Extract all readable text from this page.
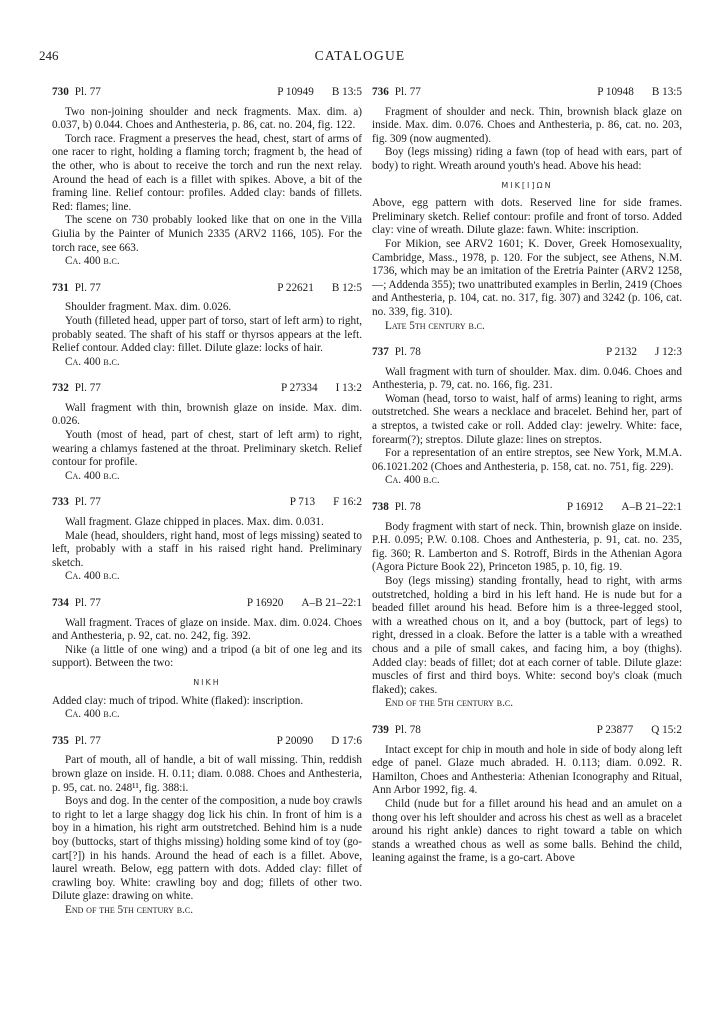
246	CATALOGUE
730 Pl. 77	P 10949 B 13:5

Two non-joining shoulder and neck fragments. Max. dim. a) 0.037, b) 0.044. Choes and Anthesteria, p. 86, cat. no. 204, fig. 122.

Torch race. Fragment a preserves the head, chest, start of arms of one racer to right, holding a flaming torch; fragment b, the head of the other, who is about to receive the torch and run the next relay. Around the head of each is a fillet with spikes. Above, a bit of the framing line. Relief contour: profiles. Added clay: bands of fillets. Red: flames; line.

The scene on 730 probably looked like that on one in the Villa Giulia by the Painter of Munich 2335 (ARV2 1166, 105). For the torch race, see 663.

Ca. 400 b.c.

731 Pl. 77	P 22621 B 12:5

Shoulder fragment. Max. dim. 0.026.

Youth (filleted head, upper part of torso, start of left arm) to right, probably seated. The shaft of his staff or thyrsos appears at the left. Relief contour. Added clay: fillet. Dilute glaze: locks of hair.

Ca. 400 b.c.

732 Pl. 77	P 27334 I 13:2

Wall fragment with thin, brownish glaze on inside. Max. dim. 0.026.

Youth (most of head, part of chest, start of left arm) to right, wearing a chlamys fastened at the throat. Preliminary sketch. Relief contour for profile.

Ca. 400 b.c.

733 Pl. 77	P 713 F 16:2

Wall fragment. Glaze chipped in places. Max. dim. 0.031.

Male (head, shoulders, right hand, most of legs missing) seated to left, probably with a staff in his raised right hand. Preliminary sketch.

Ca. 400 b.c.

734 Pl. 77	P 16920 A–B 21–22:1

Wall fragment. Traces of glaze on inside. Max. dim. 0.024. Choes and Anthesteria, p. 92, cat. no. 242, fig. 392.

Nike (a little of one wing) and a tripod (a bit of one leg and its support). Between the two:

ΝΙΚΗ

Added clay: much of tripod. White (flaked): inscription.

Ca. 400 b.c.

735 Pl. 77	P 20090 D 17:6

Part of mouth, all of handle, a bit of wall missing. Thin, reddish brown glaze on inside. H. 0.11; diam. 0.088. Choes and Anthesteria, p. 95, cat. no. 248¹¹, fig. 388:i.

Boys and dog. In the center of the composition, a nude boy crawls to right to let a large shaggy dog lick his chin. In front of him is a boy in a himation, his right arm outstretched. Behind him is a nude boy (buttocks, start of thighs missing) holding some kind of toy (go-cart[?]) in his hands. Around the head of each is a fillet. Above, laurel wreath. Below, egg pattern with dots. Added clay: fillet of crawling boy. White: crawling boy and dog; fillets of other two. Dilute glaze: drawing on white.

End of the 5th century b.c.

736 Pl. 77	P 10948 B 13:5

Fragment of shoulder and neck. Thin, brownish black glaze on inside. Max. dim. 0.076. Choes and Anthesteria, p. 86, cat. no. 203, fig. 309 (now augmented).

Boy (legs missing) riding a fawn (top of head with ears, part of body) to right. Wreath around youth's head. Above his head:

ΜΙΚ[Ι]ΩΝ

Above, egg pattern with dots. Reserved line for side frames. Preliminary sketch. Relief contour: profile and front of torso. Added clay: vine of wreath. Dilute glaze: fawn. White: inscription.

For Mikion, see ARV2 1601; K. Dover, Greek Homosexuality, Cambridge, Mass., 1978, p. 120. For the subject, see Athens, N.M. 1736, which may be an imitation of the Eretria Painter (ARV2 1258, —; Addenda 355); two unattributed examples in Berlin, 2419 (Choes and Anthesteria, p. 104, cat. no. 317, fig. 307) and 3242 (p. 106, cat. no. 339, fig. 310).

Late 5th century b.c.

737 Pl. 78	P 2132 J 12:3

Wall fragment with turn of shoulder. Max. dim. 0.046. Choes and Anthesteria, p. 79, cat. no. 166, fig. 231.

Woman (head, torso to waist, half of arms) leaning to right, arms outstretched. She wears a necklace and bracelet. Behind her, part of a streptos, a twisted cake or roll. Added clay: jewelry. White: face, forearm(?); streptos. Dilute glaze: lines on streptos.

For a representation of an entire streptos, see New York, M.M.A. 06.1021.202 (Choes and Anthesteria, p. 158, cat. no. 751, fig. 229).

Ca. 400 b.c.

738 Pl. 78	P 16912 A–B 21–22:1

Body fragment with start of neck. Thin, brownish glaze on inside. P.H. 0.095; P.W. 0.108. Choes and Anthesteria, p. 91, cat. no. 235, fig. 360; R. Lamberton and S. Rotroff, Birds in the Athenian Agora (Agora Picture Book 22), Princeton 1985, p. 10, fig. 19.

Boy (legs missing) standing frontally, head to right, with arms outstretched, holding a bird in his left hand. He is nude but for a beaded fillet around his head. Before him is a three-legged stool, with a wreathed chous on it, and a boy (buttock, part of legs) to right, dressed in a cloak. Before the latter is a table with a wreathed chous and a pile of small cakes, and facing him, a boy (thighs). Added clay: beads of fillet; dot at each corner of table. Dilute glaze: muscles of first and third boys. White: second boy's cloak (much flaked); cakes.

End of the 5th century b.c.

739 Pl. 78	P 23877 Q 15:2

Intact except for chip in mouth and hole in side of body along left edge of panel. Glaze much abraded. H. 0.113; diam. 0.092. R. Hamilton, Choes and Anthesteria: Athenian Iconography and Ritual, Ann Arbor 1992, fig. 4.

Child (nude but for a fillet around his head and an amulet on a thong over his left shoulder and across his chest as well as a bracelet around his right ankle) dances to right toward a table on which stands a wreathed chous as well as some balls. Behind the child, leaning against the frame, is a go-cart. Above
